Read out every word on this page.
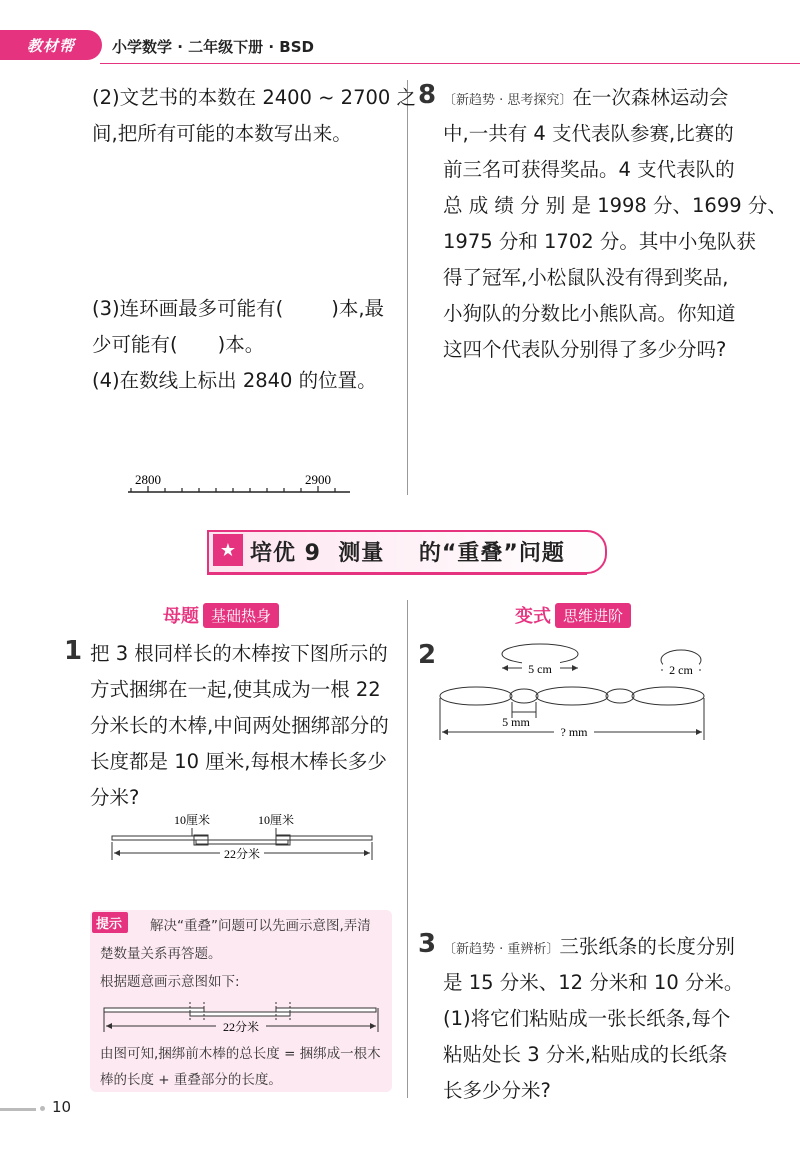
教材帮 小学数学 · 二年级下册 · BSD
(2)文艺书的本数在 2400 ~ 2700 之
间,把所有可能的本数写出来。
(3)连环画最多可能有( )本,最
少可能有( )本。
(4)在数线上标出 2840 的位置。
2800	2900
8 〔新趋势 · 思考探究〕在一次森林运动会
中,一共有 4 支代表队参赛,比赛的
前三名可获得奖品。4 支代表队的
总 成 绩 分 别 是 1998 分、1699 分、
1975 分和 1702 分。其中小兔队获
得了冠军,小松鼠队没有得到奖品,
小狗队的分数比小熊队高。你知道
这四个代表队分别得了多少分吗?
★ 培优 9  测量    的“重叠”问题
母题 基础热身	变式 思维进阶
1 把 3 根同样长的木棒按下图所示的
方式捆绑在一起,使其成为一根 22
分米长的木棒,中间两处捆绑部分的
长度都是 10 厘米,每根木棒长多少
分米?
10厘米	10厘米
22分米
提示	解决“重叠”问题可以先画示意图,弄清
楚数量关系再答题。
根据题意画示意图如下:
22分米
由图可知,捆绑前木棒的总长度 = 捆绑成一根木
棒的长度 + 重叠部分的长度。
2	5 cm	2 cm
5 mm
? mm
3 〔新趋势 · 重辨析〕三张纸条的长度分别
是 15 分米、12 分米和 10 分米。
(1)将它们粘贴成一张长纸条,每个
粘贴处长 3 分米,粘贴成的长纸条
长多少分米?
10
